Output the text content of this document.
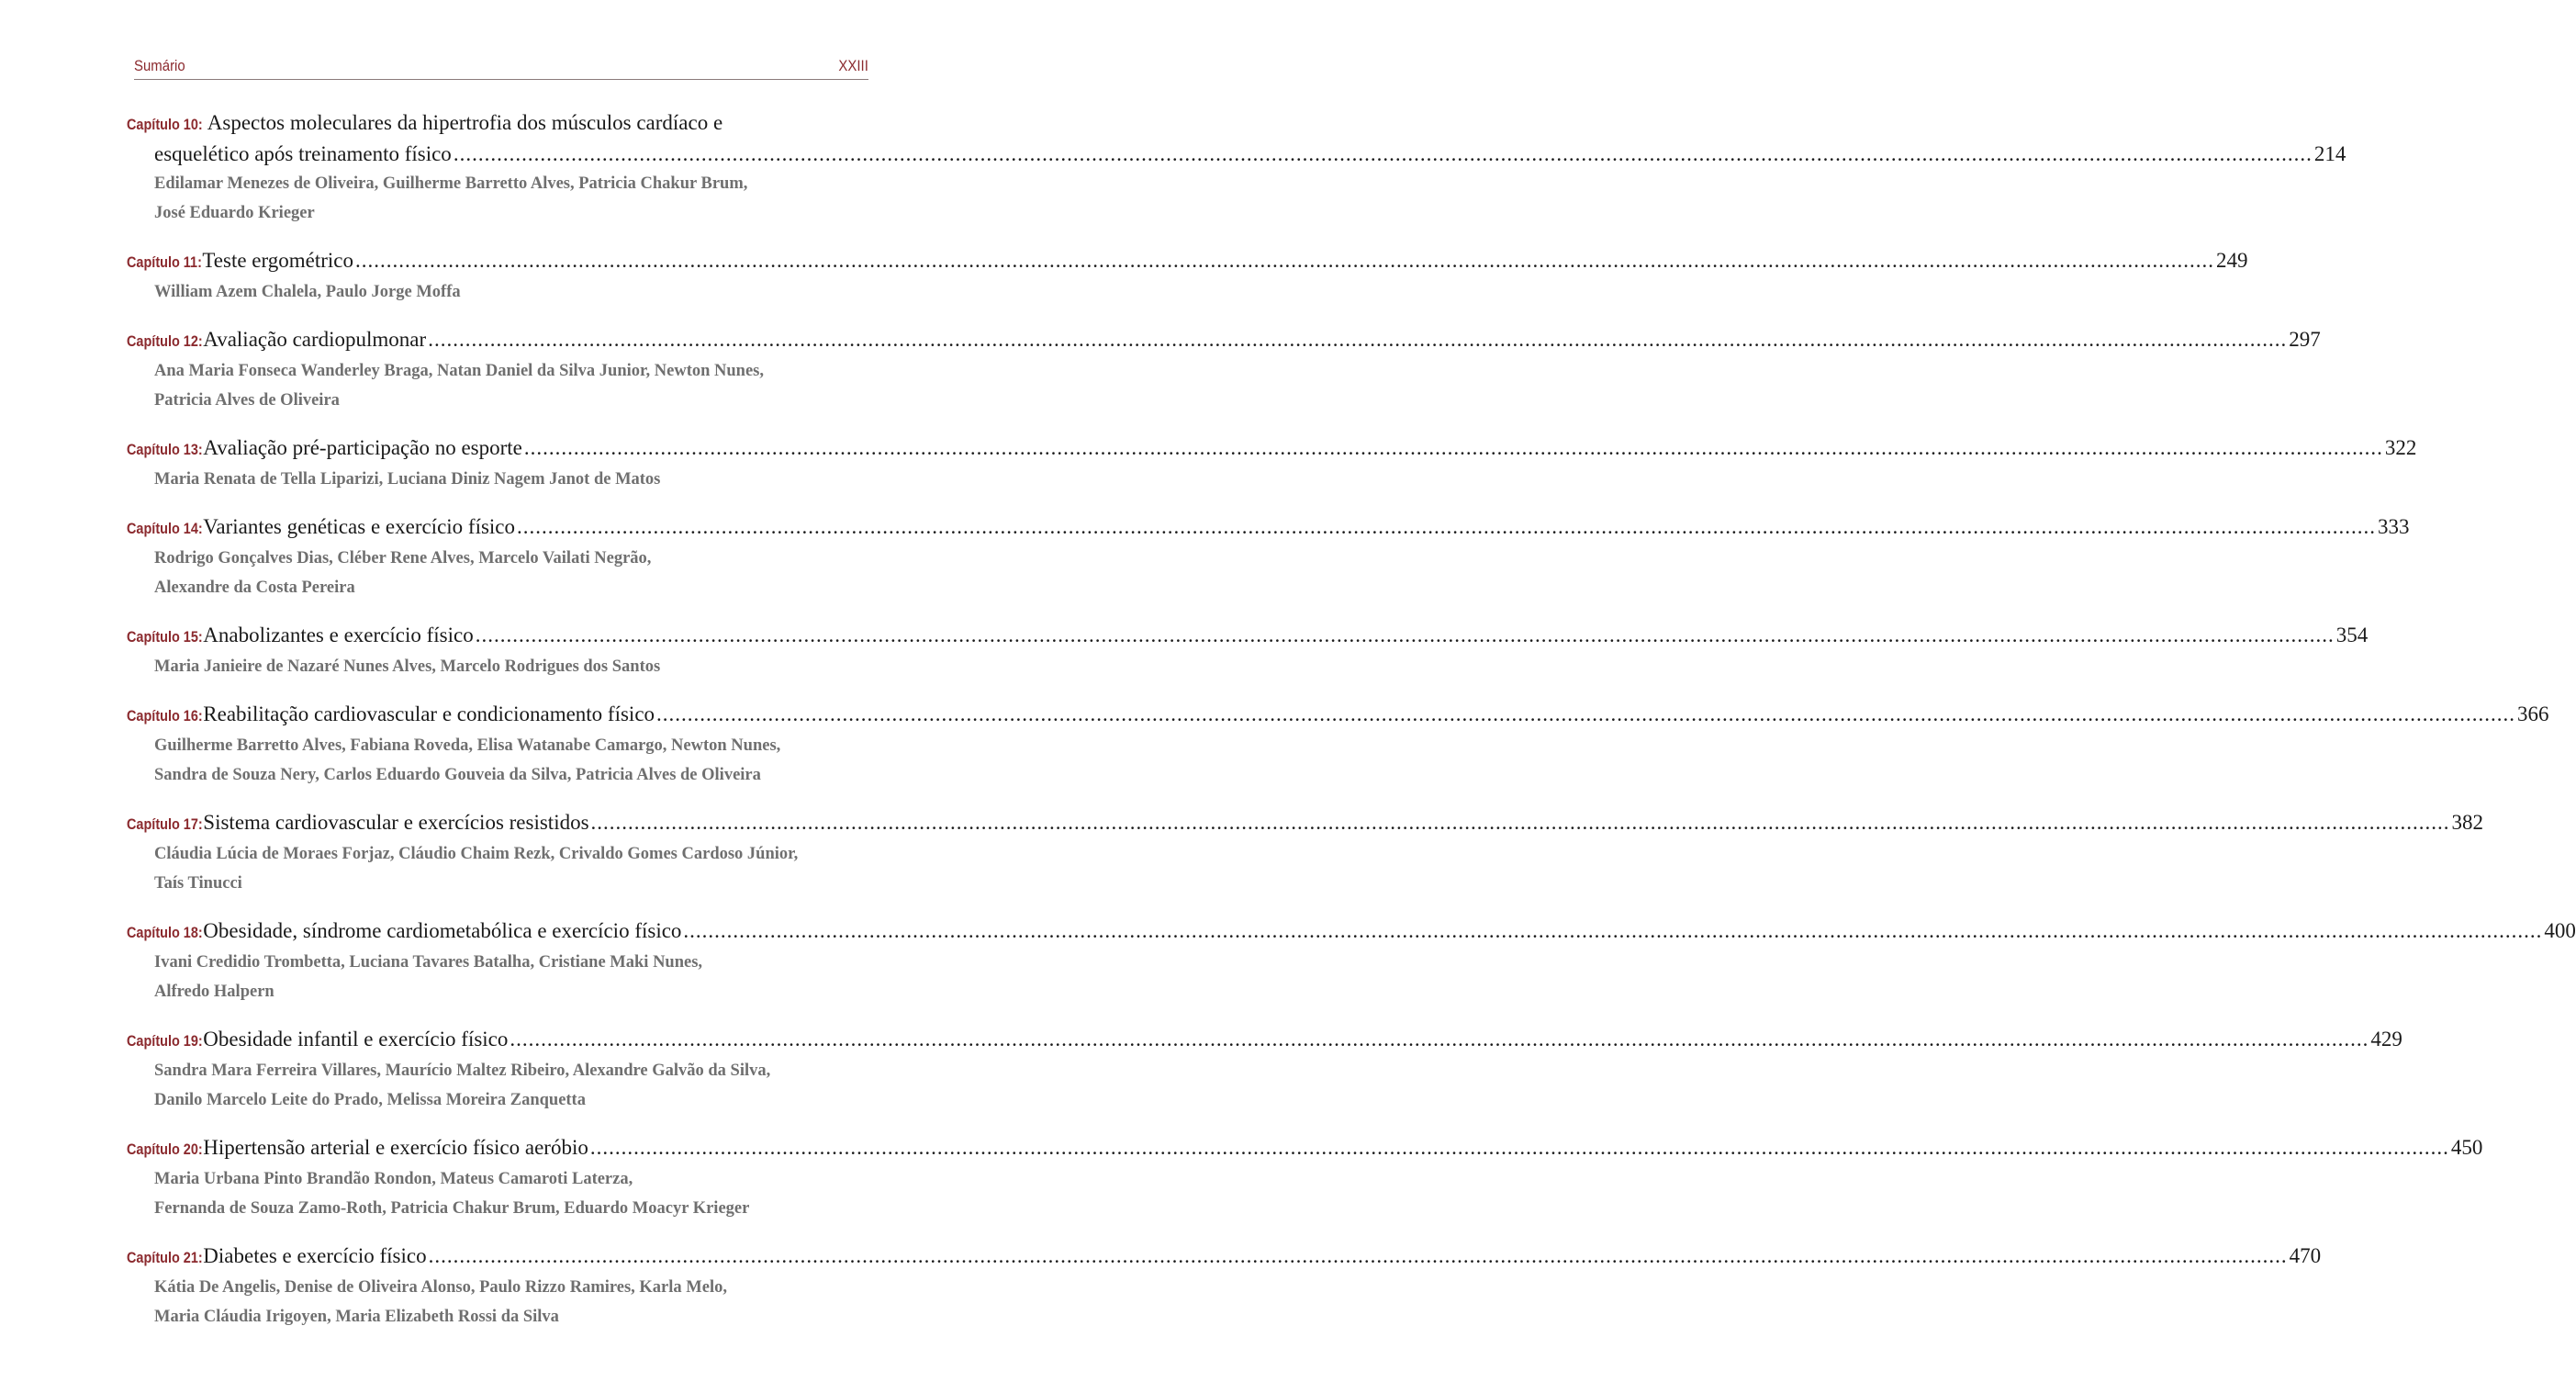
Sumário	XXIII
Capítulo 10: Aspectos moleculares da hipertrofia dos músculos cardíaco e
esquelético após treinamento físico ............................................................................................................................................................................................................................................................................................................ 214
Edilamar Menezes de Oliveira, Guilherme Barretto Alves, Patricia Chakur Brum,
José Eduardo Krieger
Capítulo 11: Teste ergométrico ............................................................................................................................................................................................................................................................................................................ 249
William Azem Chalela, Paulo Jorge Moffa
Capítulo 12: Avaliação cardiopulmonar ............................................................................................................................................................................................................................................................................................................ 297
Ana Maria Fonseca Wanderley Braga, Natan Daniel da Silva Junior, Newton Nunes,
Patricia Alves de Oliveira
Capítulo 13: Avaliação pré-participação no esporte ............................................................................................................................................................................................................................................................................................................ 322
Maria Renata de Tella Liparizi, Luciana Diniz Nagem Janot de Matos
Capítulo 14: Variantes genéticas e exercício físico ............................................................................................................................................................................................................................................................................................................ 333
Rodrigo Gonçalves Dias, Cléber Rene Alves, Marcelo Vailati Negrão,
Alexandre da Costa Pereira
Capítulo 15: Anabolizantes e exercício físico ............................................................................................................................................................................................................................................................................................................ 354
Maria Janieire de Nazaré Nunes Alves, Marcelo Rodrigues dos Santos
Capítulo 16: Reabilitação cardiovascular e condicionamento físico ............................................................................................................................................................................................................................................................................................................ 366
Guilherme Barretto Alves, Fabiana Roveda, Elisa Watanabe Camargo, Newton Nunes,
Sandra de Souza Nery, Carlos Eduardo Gouveia da Silva, Patricia Alves de Oliveira
Capítulo 17: Sistema cardiovascular e exercícios resistidos ............................................................................................................................................................................................................................................................................................................ 382
Cláudia Lúcia de Moraes Forjaz, Cláudio Chaim Rezk, Crivaldo Gomes Cardoso Júnior,
Taís Tinucci
Capítulo 18: Obesidade, síndrome cardiometabólica e exercício físico ............................................................................................................................................................................................................................................................................................................ 400
Ivani Credidio Trombetta, Luciana Tavares Batalha, Cristiane Maki Nunes,
Alfredo Halpern
Capítulo 19: Obesidade infantil e exercício físico ............................................................................................................................................................................................................................................................................................................ 429
Sandra Mara Ferreira Villares, Maurício Maltez Ribeiro, Alexandre Galvão da Silva,
Danilo Marcelo Leite do Prado, Melissa Moreira Zanquetta
Capítulo 20: Hipertensão arterial e exercício físico aeróbio ............................................................................................................................................................................................................................................................................................................ 450
Maria Urbana Pinto Brandão Rondon, Mateus Camaroti Laterza,
Fernanda de Souza Zamo-Roth, Patricia Chakur Brum, Eduardo Moacyr Krieger
Capítulo 21: Diabetes e exercício físico ............................................................................................................................................................................................................................................................................................................ 470
Kátia De Angelis, Denise de Oliveira Alonso, Paulo Rizzo Ramires, Karla Melo,
Maria Cláudia Irigoyen, Maria Elizabeth Rossi da Silva
